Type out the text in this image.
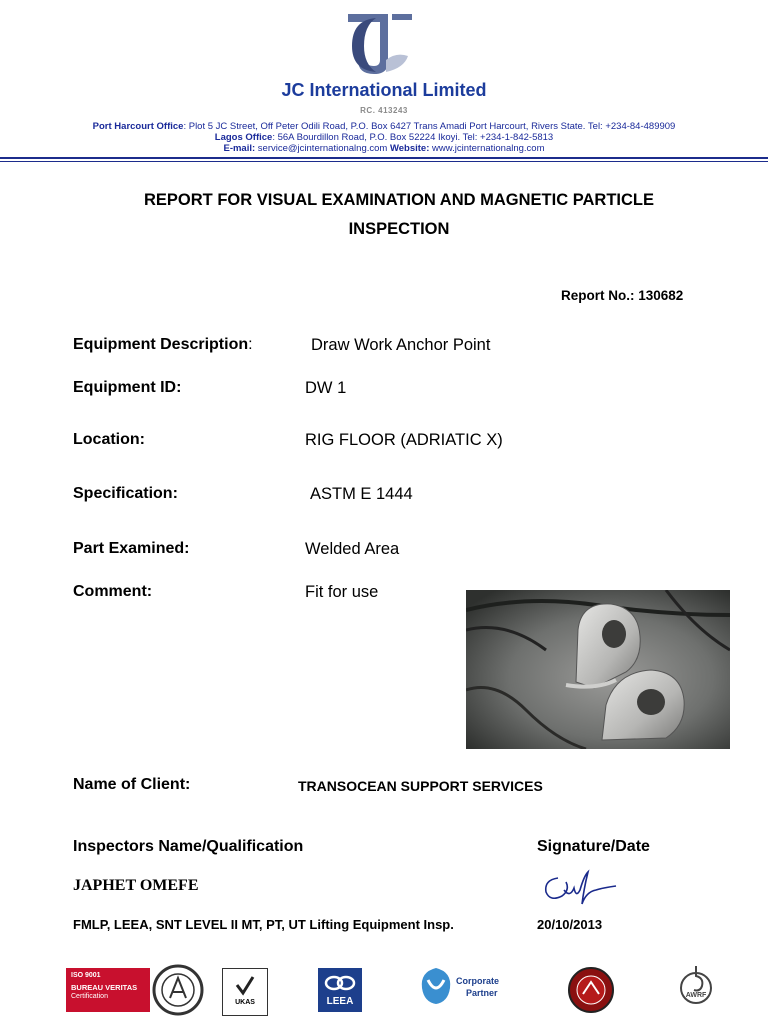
JC International Limited
RC. 413243
Port Harcourt Office: Plot 5 JC Street, Off Peter Odili Road, P.O. Box 6427 Trans Amadi Port Harcourt, Rivers State. Tel: +234-84-489909
Lagos Office: 56A Bourdillon Road, P.O. Box 52224 Ikoyi. Tel: +234-1-842-5813
E-mail: service@jcinternationalng.com Website: www.jcinternationalng.com
REPORT FOR VISUAL EXAMINATION AND MAGNETIC PARTICLE
INSPECTION
Report No.: 130682
Equipment Description:	Draw Work Anchor Point
Equipment ID:	DW 1
Location:	RIG FLOOR (ADRIATIC X)
Specification:	ASTM E 1444
Part Examined:	Welded Area
Comment:	Fit for use
Name of Client:	TRANSOCEAN SUPPORT SERVICES
Inspectors Name/Qualification	Signature/Date
JAPHET OMEFE
FMLP, LEEA, SNT LEVEL II MT, PT, UT Lifting Equipment Insp.	20/10/2013
ISO 9001
BUREAU VERITAS
Certification
UKAS	LEEA
Corporate
Partner	AWRF
